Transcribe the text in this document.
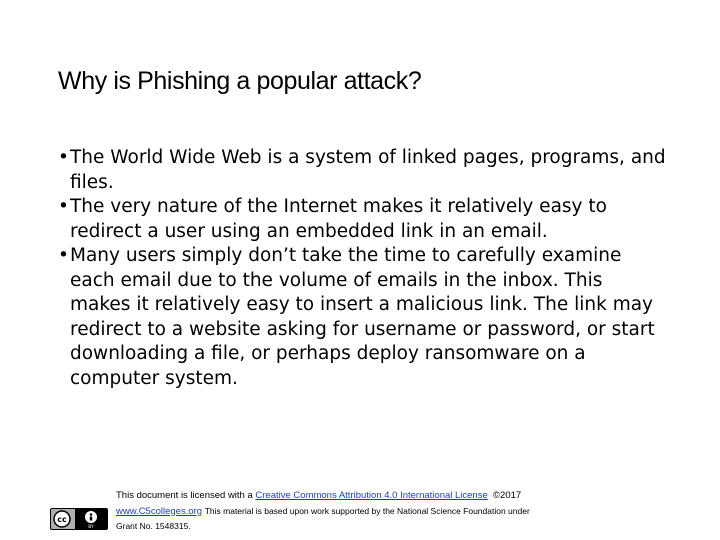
Why is Phishing a popular attack?
• The World Wide Web is a system of linked pages, programs, and files.
• The very nature of the Internet makes it relatively easy to redirect a user using an embedded link in an email.
• Many users simply don’t take the time to carefully examine each email due to the volume of emails in the inbox. This makes it relatively easy to insert a malicious link. The link may redirect to a website asking for username or password, or start downloading a file, or perhaps deploy ransomware on a computer system.
cc
BY
This document is licensed with a Creative Commons Attribution 4.0 International License ©2017
www.C5colleges.org This material is based upon work supported by the National Science Foundation under
Grant No. 1548315.
